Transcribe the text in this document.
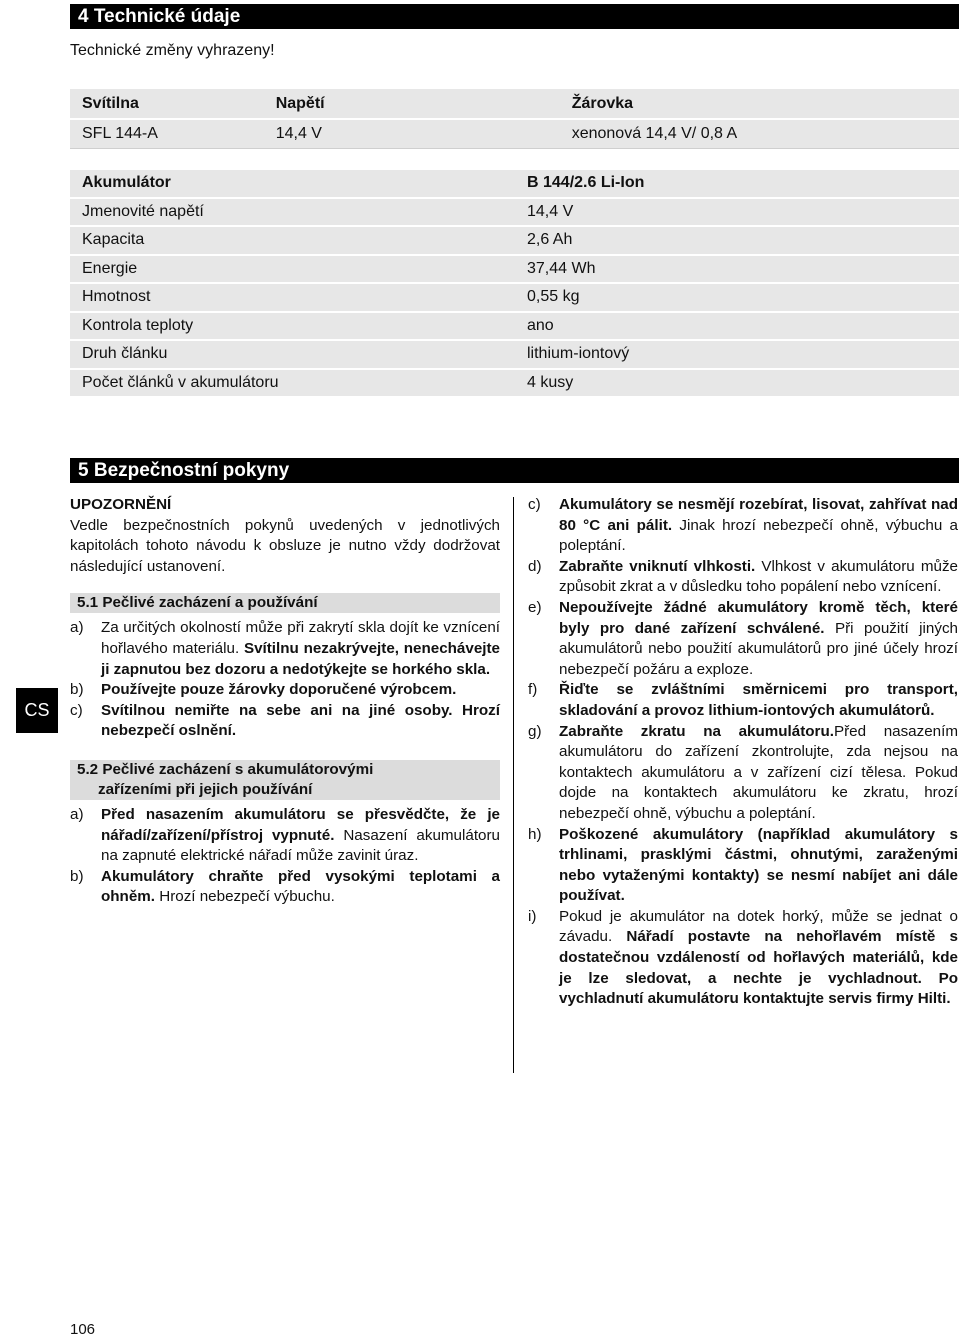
4 Technické údaje
Technické změny vyhrazeny!
Svítilna	Napětí	Žárovka
SFL 144-A	14,4 V	xenonová 14,4 V/ 0,8 A
Akumulátor	B 144/2.6 Li-Ion
Jmenovité napětí	14,4 V
Kapacita	2,6 Ah
Energie	37,44 Wh
Hmotnost	0,55 kg
Kontrola teploty	ano
Druh článku	lithium-iontový
Počet článků v akumulátoru	4 kusy
5 Bezpečnostní pokyny
CS

UPOZORNĚNÍ

Vedle bezpečnostních pokynů uvedených v jednotlivých kapitolách tohoto návodu k obsluze je nutno vždy dodržovat následující ustanovení.

5.1 Pečlivé zacházení a používání

a)	Za určitých okolností může při zakrytí skla dojít ke vznícení hořlavého materiálu. Svítilnu nezakrývejte, nenechávejte ji zapnutou bez dozoru a nedotýkejte se horkého skla.
b)	Používejte pouze žárovky doporučené výrobcem.
c)	Svítilnou nemiřte na sebe ani na jiné osoby. Hrozí nebezpečí oslnění.

5.2 Pečlivé zacházení s akumulátorovými
zařízeními při jejich používání

a)	Před nasazením akumulátoru se přesvědčte, že je nářadí/zařízení/přístroj vypnuté. Nasazení akumulátoru na zapnuté elektrické nářadí může zavinit úraz.
b)	Akumulátory chraňte před vysokými teplotami a ohněm. Hrozí nebezpečí výbuchu.
c)	Akumulátory se nesmějí rozebírat, lisovat, zahřívat nad 80 °C ani pálit. Jinak hrozí nebezpečí ohně, výbuchu a poleptání.
d)	Zabraňte vniknutí vlhkosti. Vlhkost v akumulátoru může způsobit zkrat a v důsledku toho popálení nebo vznícení.
e)	Nepoužívejte žádné akumulátory kromě těch, které byly pro dané zařízení schválené. Při použití jiných akumulátorů nebo použití akumulátorů pro jiné účely hrozí nebezpečí požáru a exploze.
f)	Řiďte se zvláštními směrnicemi pro transport, skladování a provoz lithium-iontových akumulátorů.
g)	Zabraňte zkratu na akumulátoru.Před nasazením akumulátoru do zařízení zkontrolujte, zda nejsou na kontaktech akumulátoru a v zařízení cizí tělesa. Pokud dojde na kontaktech akumulátoru ke zkratu, hrozí nebezpečí ohně, výbuchu a poleptání.
h)	Poškozené akumulátory (například akumulátory s trhlinami, prasklými částmi, ohnutými, zaraženými nebo vytaženými kontakty) se nesmí nabíjet ani dále používat.
i)	Pokud je akumulátor na dotek horký, může se jednat o závadu. Nářadí postavte na nehořlavém místě s dostatečnou vzdáleností od hořlavých materiálů, kde je lze sledovat, a nechte je vychladnout. Po vychladnutí akumulátoru kontaktujte servis firmy Hilti.
106
